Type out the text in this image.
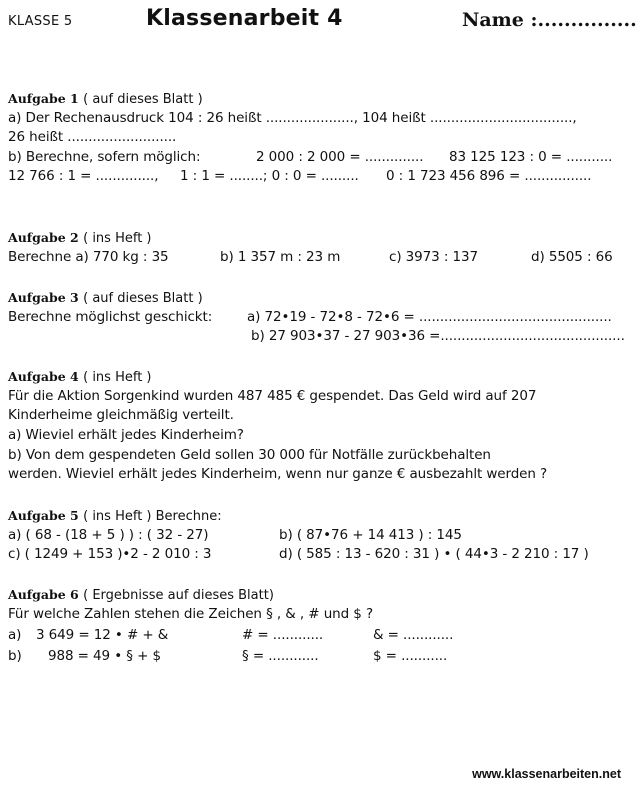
KLASSE 5	Klassenarbeit 4	Name :...............
Aufgabe 1 ( auf dieses Blatt )
a) Der Rechenausdruck 104 : 26 heißt ....................., 104 heißt ..................................,
26 heißt ..........................
b) Berechne, sofern möglich:	2 000 : 2 000 = .............. 83 125 123 : 0 = ...........
12 766 : 1 = .............., 1 : 1 = ........; 0 : 0 = ......... 0 : 1 723 456 896 = ................
Aufgabe 2 ( ins Heft )
Berechne a) 770 kg : 35	b) 1 357 m : 23 m	c) 3973 : 137	d) 5505 : 66
Aufgabe 3 ( auf dieses Blatt )
Berechne möglichst geschickt:	a) 72•19 - 72•8 - 72•6 = ..............................................
b) 27 903•37 - 27 903•36 =............................................
Aufgabe 4 ( ins Heft )
Für die Aktion Sorgenkind wurden 487 485 € gespendet. Das Geld wird auf 207
Kinderheime gleichmäßig verteilt.
a) Wieviel erhält jedes Kinderheim?
b) Von dem gespendeten Geld sollen 30 000 für Notfälle zurückbehalten
werden. Wieviel erhält jedes Kinderheim, wenn nur ganze € ausbezahlt werden ?
Aufgabe 5 ( ins Heft ) Berechne:
a) ( 68 - (18 + 5 ) ) : ( 32 - 27)	b) ( 87•76 + 14 413 ) : 145
c) ( 1249 + 153 )•2 - 2 010 : 3	d) ( 585 : 13 - 620 : 31 ) • ( 44•3 - 2 210 : 17 )
Aufgabe 6 ( Ergebnisse auf dieses Blatt)
Für welche Zahlen stehen die Zeichen § , & , # und $ ?
a) 3 649 = 12 • # + &	# = ............	& = ............
b) 988 = 49 • § + $	§ = ............	$ = ...........
www.klassenarbeiten.net
